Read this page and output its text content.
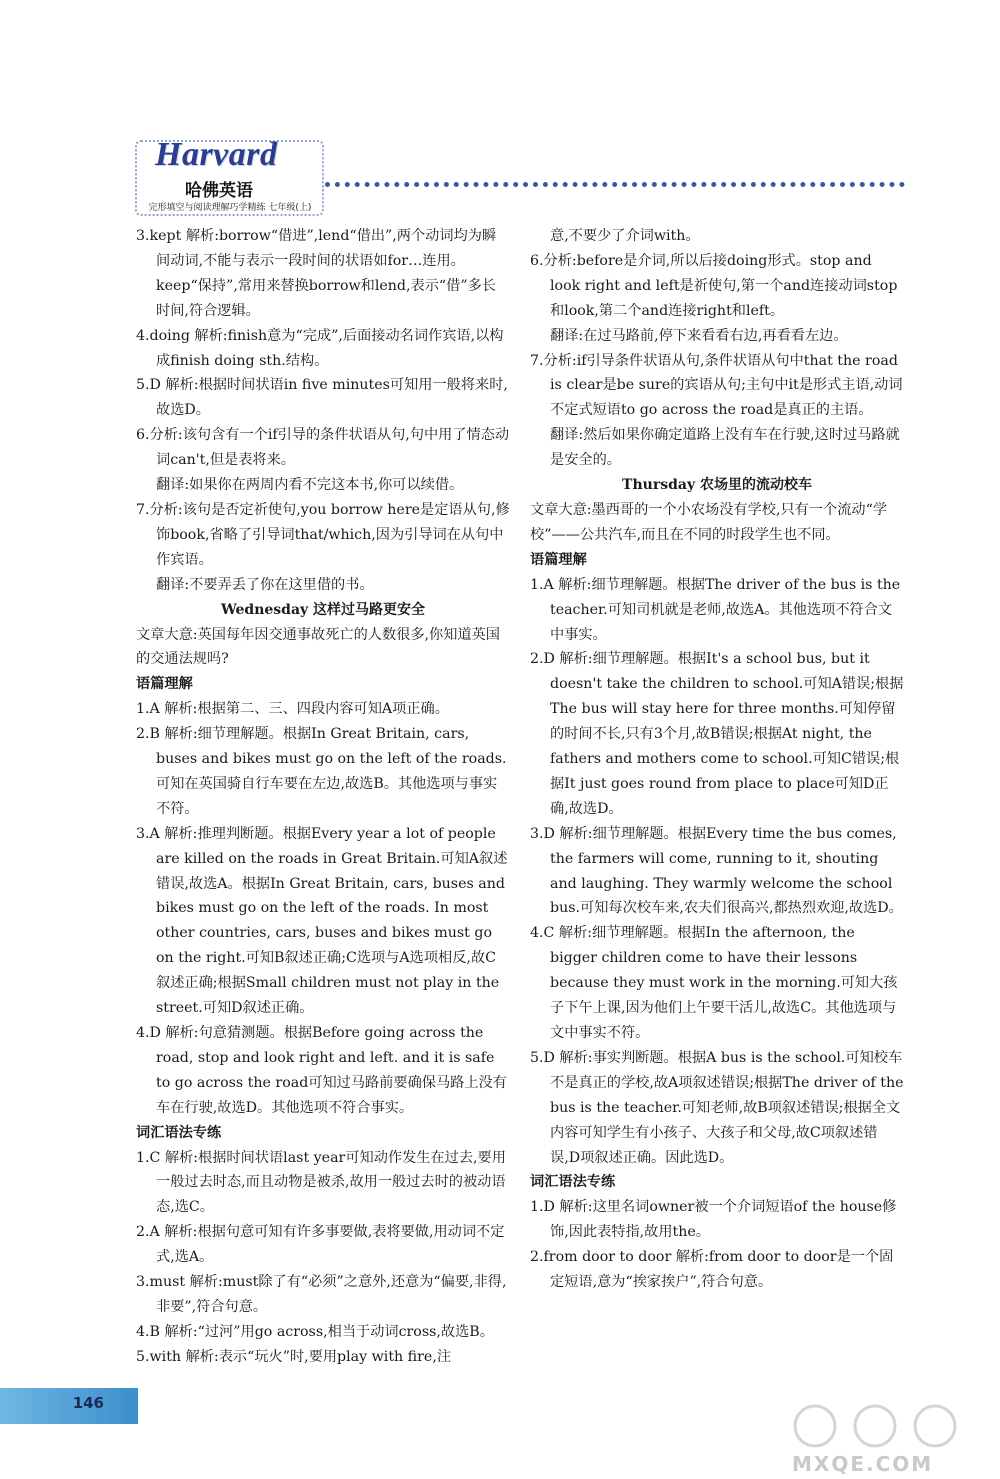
Harvard
哈佛英语
完形填空与阅读理解巧学精练 七年级(上)

3.kept 解析:borrow“借进”,lend“借出”,两个动词均为瞬间动词,不能与表示一段时间的状语如for…连用。keep“保持”,常用来替换borrow和lend,表示“借”多长时间,符合逻辑。

4.doing 解析:finish意为“完成”,后面接动名词作宾语,以构成finish doing sth.结构。

5.D 解析:根据时间状语in five minutes可知用一般将来时,故选D。

6.分析:该句含有一个if引导的条件状语从句,句中用了情态动词can't,但是表将来。

翻译:如果你在两周内看不完这本书,你可以续借。

7.分析:该句是否定祈使句,you borrow here是定语从句,修饰book,省略了引导词that/which,因为引导词在从句中作宾语。

翻译:不要弄丢了你在这里借的书。

Wednesday 这样过马路更安全

文章大意:英国每年因交通事故死亡的人数很多,你知道英国的交通法规吗?

语篇理解

1.A 解析:根据第二、三、四段内容可知A项正确。

2.B 解析:细节理解题。根据In Great Britain, cars, buses and bikes must go on the left of the roads.可知在英国骑自行车要在左边,故选B。其他选项与事实不符。

3.A 解析:推理判断题。根据Every year a lot of people are killed on the roads in Great Britain.可知A叙述错误,故选A。根据In Great Britain, cars, buses and bikes must go on the left of the roads. In most other countries, cars, buses and bikes must go on the right.可知B叙述正确;C选项与A选项相反,故C叙述正确;根据Small children must not play in the street.可知D叙述正确。

4.D 解析:句意猜测题。根据Before going across the road, stop and look right and left. and it is safe to go across the road可知过马路前要确保马路上没有车在行驶,故选D。其他选项不符合事实。

词汇语法专练

1.C 解析:根据时间状语last year可知动作发生在过去,要用一般过去时态,而且动物是被杀,故用一般过去时的被动语态,选C。

2.A 解析:根据句意可知有许多事要做,表将要做,用动词不定式,选A。

3.must 解析:must除了有“必须”之意外,还意为“偏要,非得,非要”,符合句意。

4.B 解析:“过河”用go across,相当于动词cross,故选B。

5.with 解析:表示“玩火”时,要用play with fire,注

意,不要少了介词with。

6.分析:before是介词,所以后接doing形式。stop and look right and left是祈使句,第一个and连接动词stop和look,第二个and连接right和left。

翻译:在过马路前,停下来看看右边,再看看左边。

7.分析:if引导条件状语从句,条件状语从句中that the road is clear是be sure的宾语从句;主句中it是形式主语,动词不定式短语to go across the road是真正的主语。

翻译:然后如果你确定道路上没有车在行驶,这时过马路就是安全的。

Thursday 农场里的流动校车

文章大意:墨西哥的一个小农场没有学校,只有一个流动“学校”——公共汽车,而且在不同的时段学生也不同。

语篇理解

1.A 解析:细节理解题。根据The driver of the bus is the teacher.可知司机就是老师,故选A。其他选项不符合文中事实。

2.D 解析:细节理解题。根据It's a school bus, but it doesn't take the children to school.可知A错误;根据The bus will stay here for three months.可知停留的时间不长,只有3个月,故B错误;根据At night, the fathers and mothers come to school.可知C错误;根据It just goes round from place to place可知D正确,故选D。

3.D 解析:细节理解题。根据Every time the bus comes, the farmers will come, running to it, shouting and laughing. They warmly welcome the school bus.可知每次校车来,农夫们很高兴,都热烈欢迎,故选D。

4.C 解析:细节理解题。根据In the afternoon, the bigger children come to have their lessons because they must work in the morning.可知大孩子下午上课,因为他们上午要干活儿,故选C。其他选项与文中事实不符。

5.D 解析:事实判断题。根据A bus is the school.可知校车不是真正的学校,故A项叙述错误;根据The driver of the bus is the teacher.可知老师,故B项叙述错误;根据全文内容可知学生有小孩子、大孩子和父母,故C项叙述错误,D项叙述正确。因此选D。

词汇语法专练

1.D 解析:这里名词owner被一个介词短语of the house修饰,因此表特指,故用the。

2.from door to door 解析:from door to door是一个固定短语,意为“挨家挨户”,符合句意。

146
MXQE.COM
